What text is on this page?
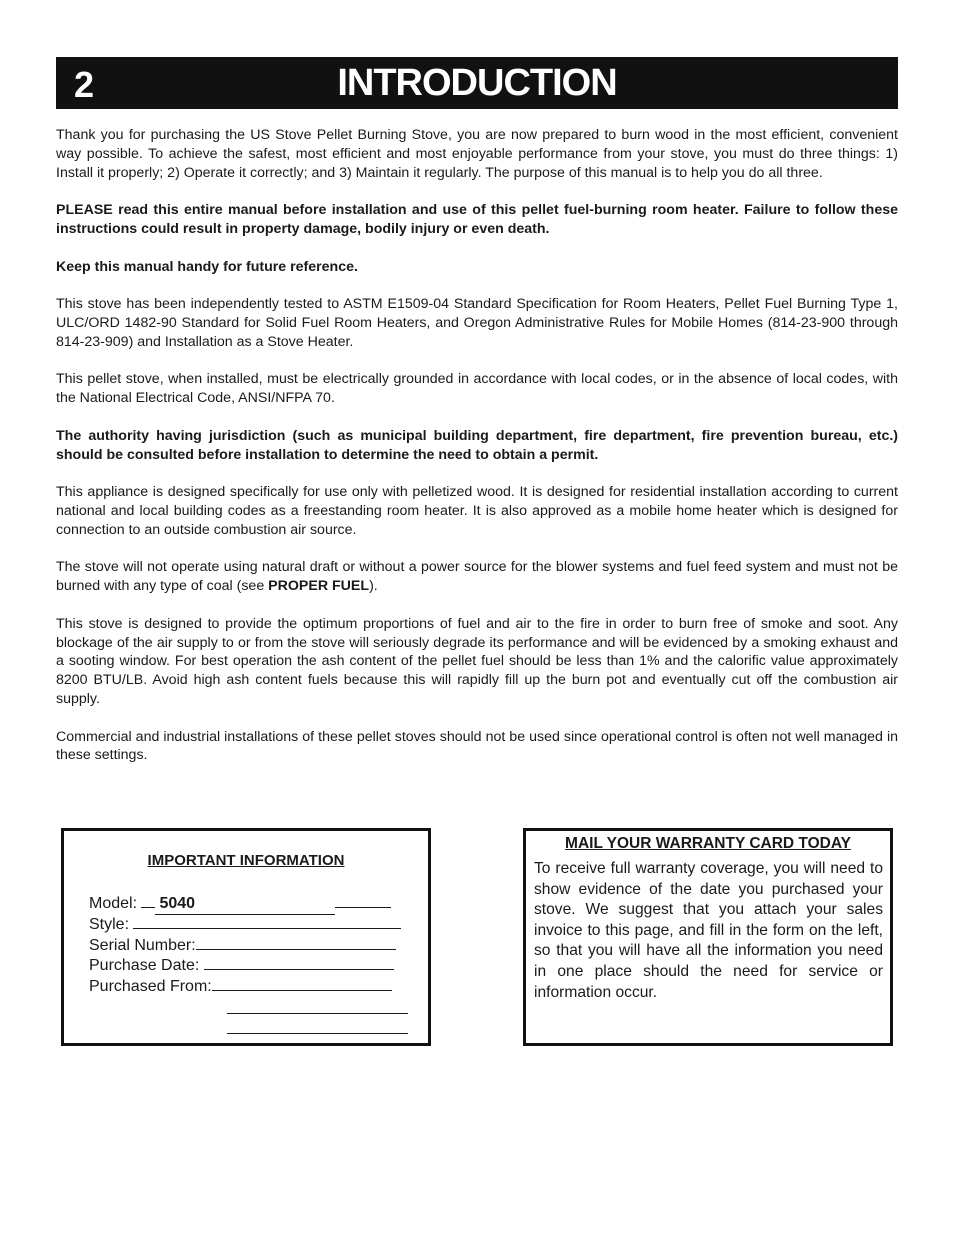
2	INTRODUCTION

Thank you for purchasing the US Stove Pellet Burning Stove, you are now prepared to burn wood in the most efficient, convenient way possible. To achieve the safest, most efficient and most enjoyable performance from your stove, you must do three things: 1) Install it properly; 2) Operate it correctly; and 3) Maintain it regularly. The purpose of this manual is to help you do all three.

PLEASE read this entire manual before installation and use of this pellet fuel-burning room heater. Failure to follow these instructions could result in property damage, bodily injury or even death.

Keep this manual handy for future reference.

This stove has been independently tested to ASTM E1509-04 Standard Specification for Room Heaters, Pellet Fuel Burning Type 1, ULC/ORD 1482-90 Standard for Solid Fuel Room Heaters, and Oregon Administrative Rules for Mobile Homes (814-23-900 through 814-23-909) and Installation as a Stove Heater.

This pellet stove, when installed, must be electrically grounded in accordance with local codes, or in the absence of local codes, with the National Electrical Code, ANSI/NFPA 70.

The authority having jurisdiction (such as municipal building department, fire department, fire prevention bureau, etc.) should be consulted before installation to determine the need to obtain a permit.

This appliance is designed specifically for use only with pelletized wood. It is designed for residential installation according to current national and local building codes as a freestanding room heater. It is also approved as a mobile home heater which is designed for connection to an outside combustion air source.

The stove will not operate using natural draft or without a power source for the blower systems and fuel feed system and must not be burned with any type of coal (see PROPER FUEL).

This stove is designed to provide the optimum proportions of fuel and air to the fire in order to burn free of smoke and soot. Any blockage of the air supply to or from the stove will seriously degrade its performance and will be evidenced by a smoking exhaust and a sooting window. For best operation the ash content of the pellet fuel should be less than 1% and the calorific value approximately 8200 BTU/LB. Avoid high ash content fuels because this will rapidly fill up the burn pot and eventually cut off the combustion air supply.

Commercial and industrial installations of these pellet stoves should not be used since operational control is often not well managed in these settings.

IMPORTANT INFORMATION
Model: 5040
Style:
Serial Number:
Purchase Date:
Purchased From:
MAIL YOUR WARRANTY CARD TODAY
To receive full warranty coverage, you will need to show evidence of the date you purchased your stove. We suggest that you attach your sales invoice to this page, and fill in the form on the left, so that you will have all the information you need in one place should the need for service or information occur.
